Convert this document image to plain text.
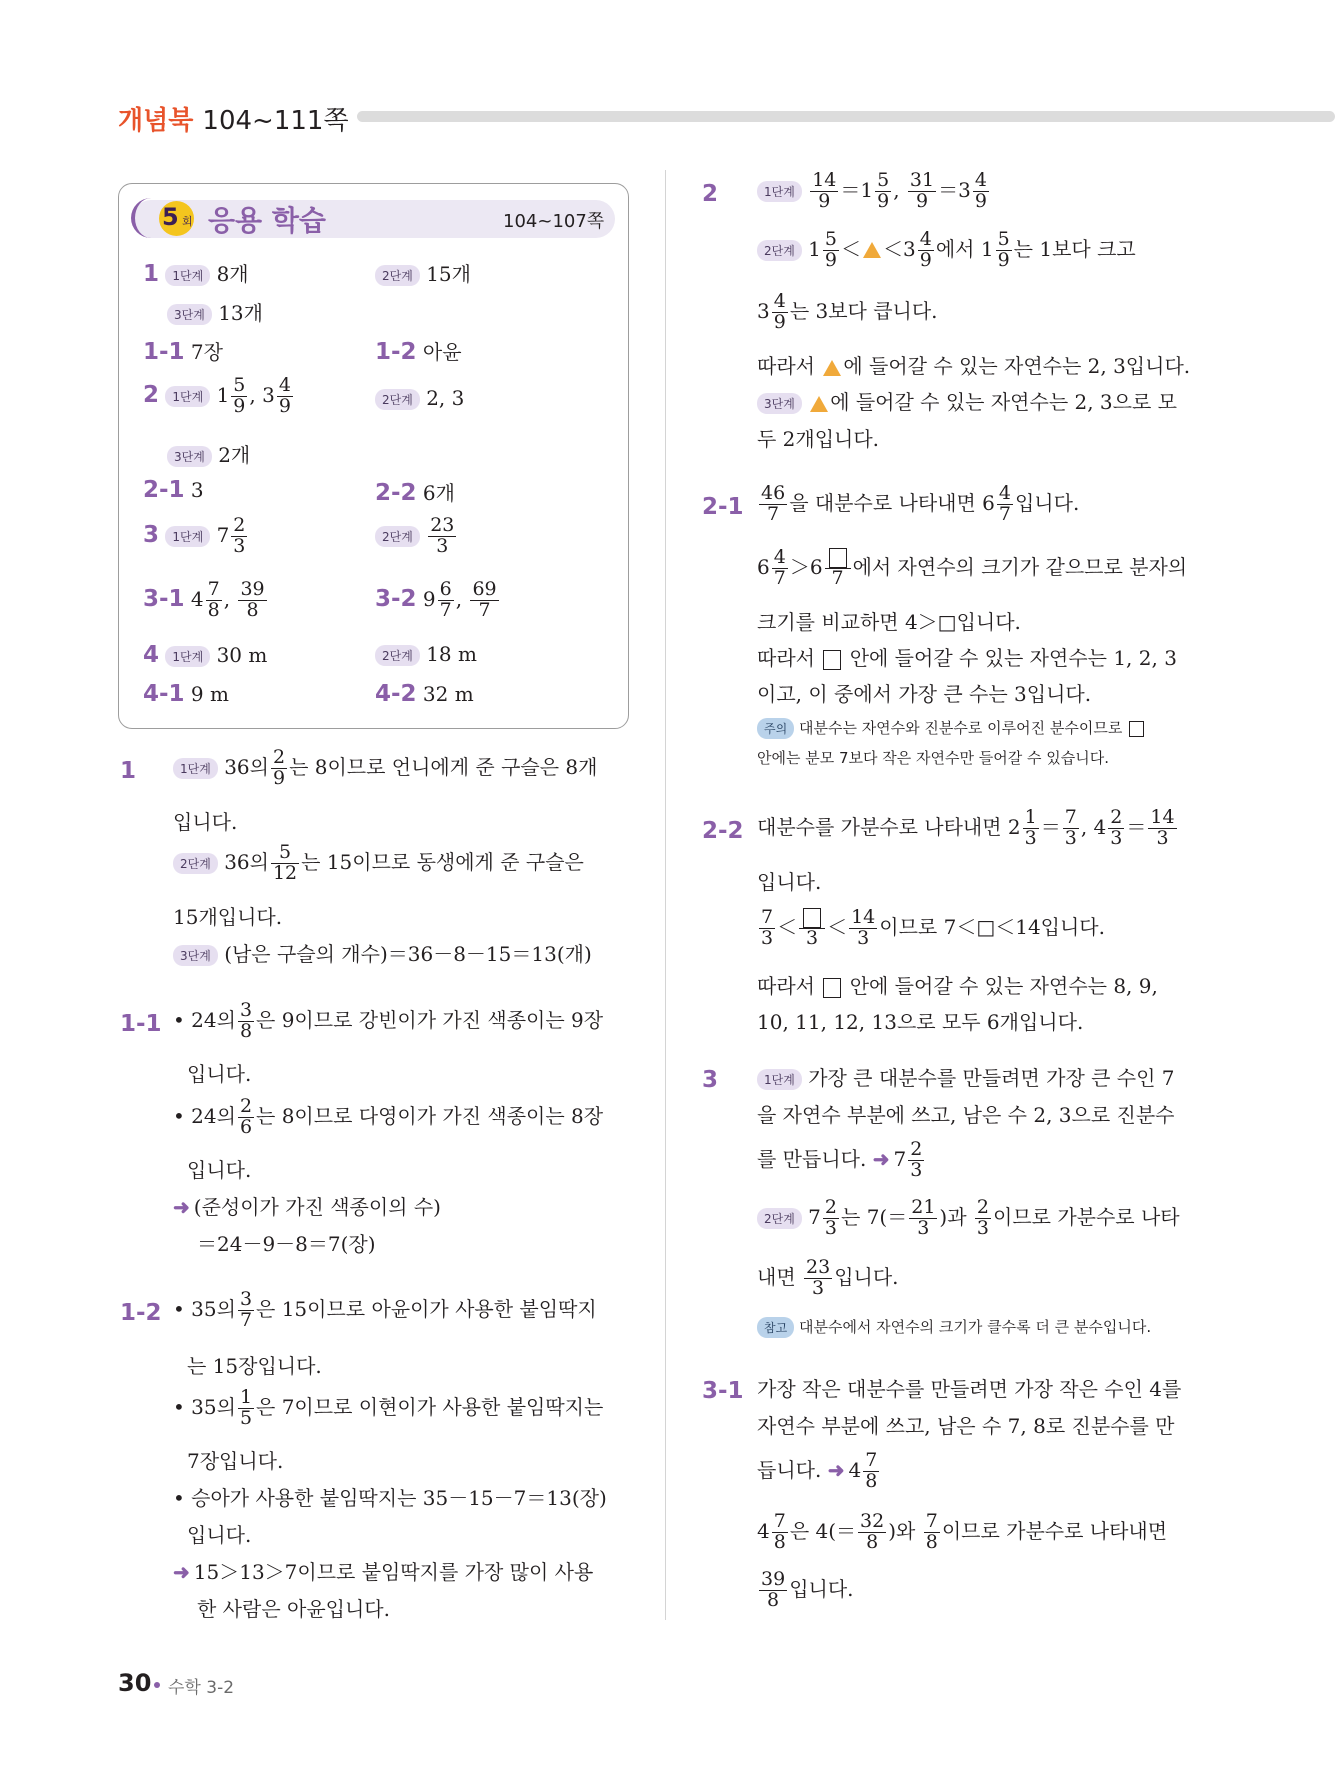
개념북 104~111쪽
5 회 응용 학습	104~107쪽
1 1단계 8개	2단계 15개
3단계 13개
1-1 7장	1-2 아윤
2 1단계 $1 \frac{5}{9}$ , $3 \frac{4}{9}$	2단계 2, 3
3단계 2개
2-1 3	2-2 6개
3 1단계 $7 \frac{2}{3}$	2단계 $\frac{23}{3}$
3-1 $4 \frac{7}{8}$ , $\frac{39}{8}$	3-2 $9 \frac{6}{7}$ , $\frac{69}{7}$
4 1단계 30 m	2단계 18 m
4-1 9 m	4-2 32 m
1	1단계 36의 $\frac{2}{9}$ 는 8이므로 언니에게 준 구슬은 8개
입니다.
2단계 36의 $\frac{5}{12}$ 는 15이므로 동생에게 준 구슬은
15개입니다.
3단계 (남은 구슬의 개수)＝36－8－15＝13(개)
1-1 • 24의 $\frac{3}{8}$ 은 9이므로 강빈이가 가진 색종이는 9장
입니다.
• 24의 $\frac{2}{6}$ 는 8이므로 다영이가 가진 색종이는 8장
입니다.
➜ (준성이가 가진 색종이의 수)
＝24－9－8＝7(장)
1-2 • 35의 $\frac{3}{7}$ 은 15이므로 아윤이가 사용한 붙임딱지
는 15장입니다.
• 35의 $\frac{1}{5}$ 은 7이므로 이현이가 사용한 붙임딱지는
7장입니다.
• 승아가 사용한 붙임딱지는 35－15－7＝13(장)
입니다.
➜ 15＞13＞7이므로 붙임딱지를 가장 많이 사용
한 사람은 아윤입니다.
2	1단계 $\frac{14}{9} =1 \frac{5}{9}$ , $\frac{31}{9} =3 \frac{4}{9}$
2단계 $1 \frac{5}{9} < <3 \frac{4}{9}$ 에서 $1 \frac{5}{9}$ 는 1보다 크고
$3 \frac{4}{9}$ 는 3보다 큽니다.
따라서 에 들어갈 수 있는 자연수는 2, 3입니다.
3단계 에 들어갈 수 있는 자연수는 2, 3으로 모
두 2개입니다.
$2-1 \frac{46}{7}$ 을 대분수로 나타내면 $6 \frac{4}{7}$ 입니다.
$6 \frac{4}{7} >6$ 7 에서 자연수의 크기가 같으므로 분자의
크기를 비교하면 4＞□입니다.
따라서 안에 들어갈 수 있는 자연수는 1, 2, 3
이고, 이 중에서 가장 큰 수는 3입니다.
주의 대분수는 자연수와 진분수로 이루어진 분수이므로
안에는 분모 7보다 작은 자연수만 들어갈 수 있습니다.
2-2 대분수를 가분수로 나타내면 $2 \frac{1}{3} = \frac{7}{3}$ , $4 \frac{2}{3} = \frac{14}{3}$
입니다.
$\frac{7}{3} < 3 < \frac{14}{3}$ 이므로 7＜□＜14입니다.
따라서 안에 들어갈 수 있는 자연수는 8, 9,
10, 11, 12, 13으로 모두 6개입니다.
3	1단계 가장 큰 대분수를 만들려면 가장 큰 수인 7
을 자연수 부분에 쓰고, 남은 수 2, 3으로 진분수
를 만듭니다. ➜ $7 \frac{2}{3}$
2단계 $7 \frac{2}{3}$ 는 $7(= \frac{21}{3}$ )과 $\frac{2}{3}$ 이므로 가분수로 나타
내면 $\frac{23}{3}$ 입니다.
참고 대분수에서 자연수의 크기가 클수록 더 큰 분수입니다.
3-1 가장 작은 대분수를 만들려면 가장 작은 수인 4를
자연수 부분에 쓰고, 남은 수 7, 8로 진분수를 만
듭니다. ➜ $4 \frac{7}{8}$
$4 \frac{7}{8}$ 은 $4(= \frac{32}{8}$ )와 $\frac{7}{8}$ 이므로 가분수로 나타내면
$\frac{39}{8}$ 입니다.
30 수학 3-2
